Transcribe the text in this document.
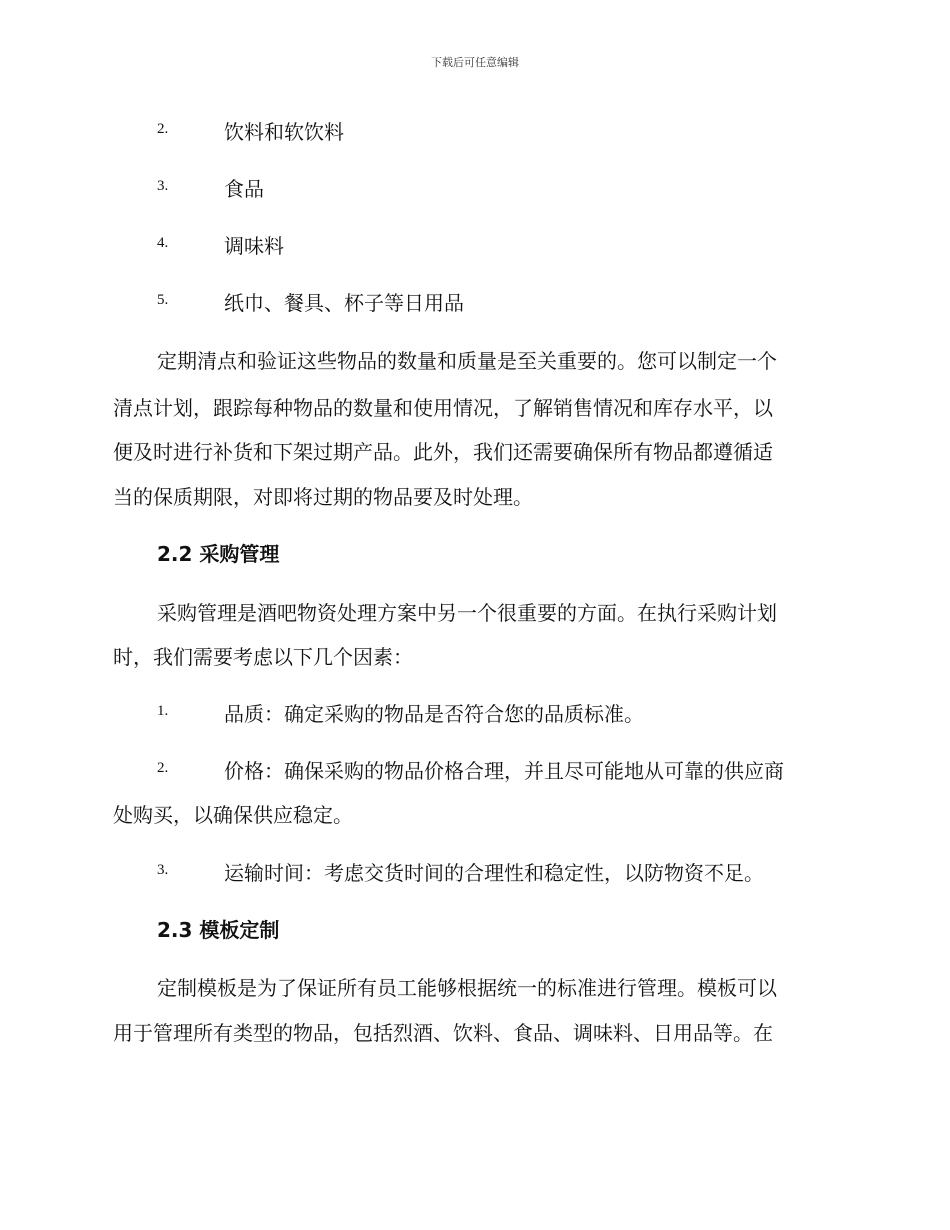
下载后可任意编辑
2.	饮料和软饮料
3.	食品
4.	调味料
5.	纸巾、餐具、杯子等日用品
定期清点和验证这些物品的数量和质量是至关重要的。您可以制定一个
清点计划，跟踪每种物品的数量和使用情况，了解销售情况和库存水平，以
便及时进行补货和下架过期产品。此外，我们还需要确保所有物品都遵循适
当的保质期限，对即将过期的物品要及时处理。
2.2 采购管理
采购管理是酒吧物资处理方案中另一个很重要的方面。在执行采购计划
时，我们需要考虑以下几个因素：
1.	品质：确定采购的物品是否符合您的品质标准。
2.	价格：确保采购的物品价格合理，并且尽可能地从可靠的供应商
处购买，以确保供应稳定。
3.	运输时间：考虑交货时间的合理性和稳定性，以防物资不足。
2.3 模板定制
定制模板是为了保证所有员工能够根据统一的标准进行管理。模板可以
用于管理所有类型的物品，包括烈酒、饮料、食品、调味料、日用品等。在
